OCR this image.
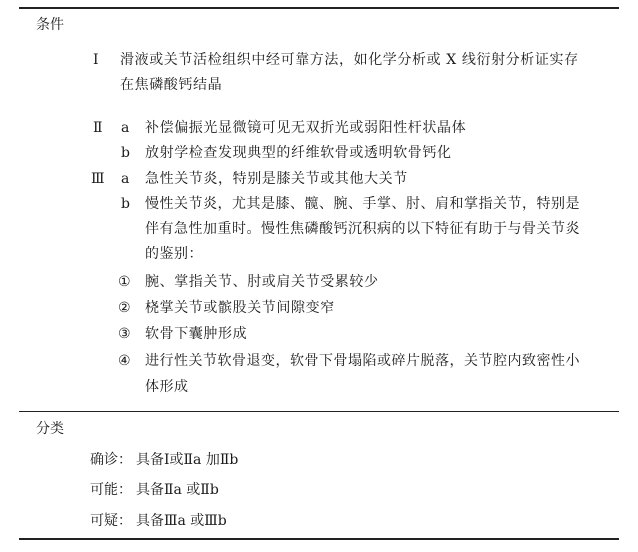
条件
Ⅰ 滑液或关节活检组织中经可靠方法，如化学分析或 X 线衍射分析证实存
在焦磷酸钙结晶
Ⅱ a 补偿偏振光显微镜可见无双折光或弱阳性杆状晶体
b 放射学检查发现典型的纤维软骨或透明软骨钙化
Ⅲ a 急性关节炎，特别是膝关节或其他大关节
b 慢性关节炎，尤其是膝、髋、腕、手掌、肘、肩和掌指关节，特别是
伴有急性加重时。慢性焦磷酸钙沉积病的以下特征有助于与骨关节炎
的鉴别：
① 腕、掌指关节、肘或肩关节受累较少
② 桡掌关节或髌股关节间隙变窄
③ 软骨下囊肿形成
④ 进行性关节软骨退变，软骨下骨塌陷或碎片脱落，关节腔内致密性小
体形成
分类
确诊： 具备Ⅰ或Ⅱa 加Ⅱb
可能： 具备Ⅱa 或Ⅱb
可疑： 具备Ⅲa 或Ⅲb
